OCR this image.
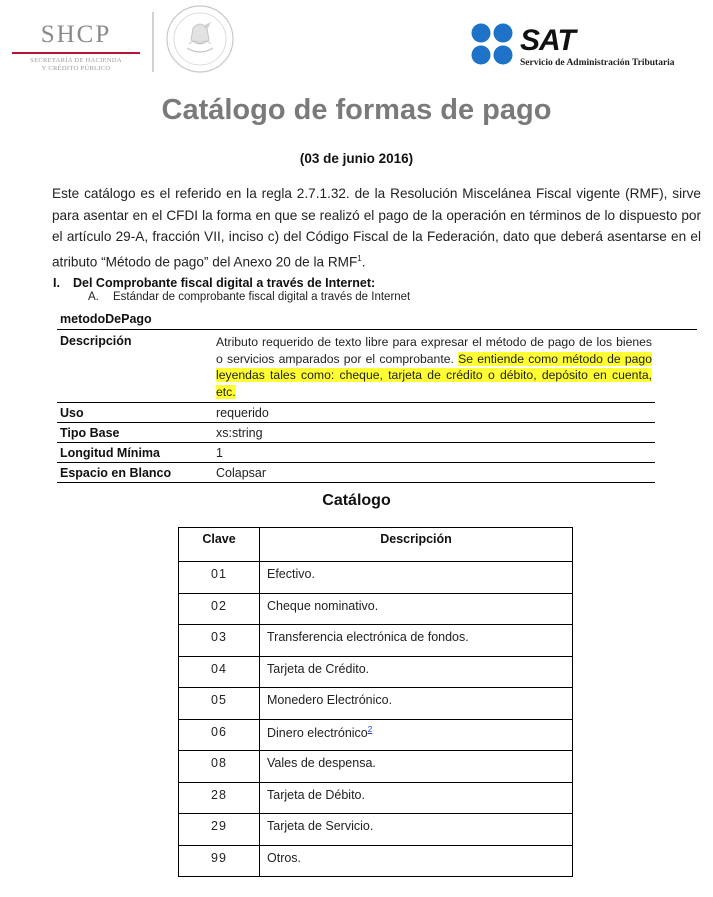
SHCP
SECRETARÍA DE HACIENDA
Y CRÉDITO PÚBLICO
SAT
Servicio de Administración Tributaria
Catálogo de formas de pago
(03 de junio 2016)
Este catálogo es el referido en la regla 2.7.1.32. de la Resolución Miscelánea Fiscal vigente (RMF), sirve para asentar en el CFDI la forma en que se realizó el pago de la operación en términos de lo dispuesto por el artículo 29-A, fracción VII, inciso c) del Código Fiscal de la Federación, dato que deberá asentarse en el atributo “Método de pago” del Anexo 20 de la RMF$^1$.
I. Del Comprobante fiscal digital a través de Internet:
A. Estándar de comprobante fiscal digital a través de Internet
metodoDePago
Descripción	Atributo requerido de texto libre para expresar el método de pago de los bienes o servicios amparados por el comprobante. Se entiende como método de pago leyendas tales como: cheque, tarjeta de crédito o débito, depósito en cuenta, etc.
Uso	requerido
Tipo Base	xs:string
Longitud Mínima	1
Espacio en Blanco	Colapsar
Catálogo
Clave	Descripción
01	Efectivo.
02	Cheque nominativo.
03	Transferencia electrónica de fondos.
04	Tarjeta de Crédito.
05	Monedero Electrónico.
06	Dinero electrónico$^2$
08	Vales de despensa.
28	Tarjeta de Débito.
29	Tarjeta de Servicio.
99	Otros.
